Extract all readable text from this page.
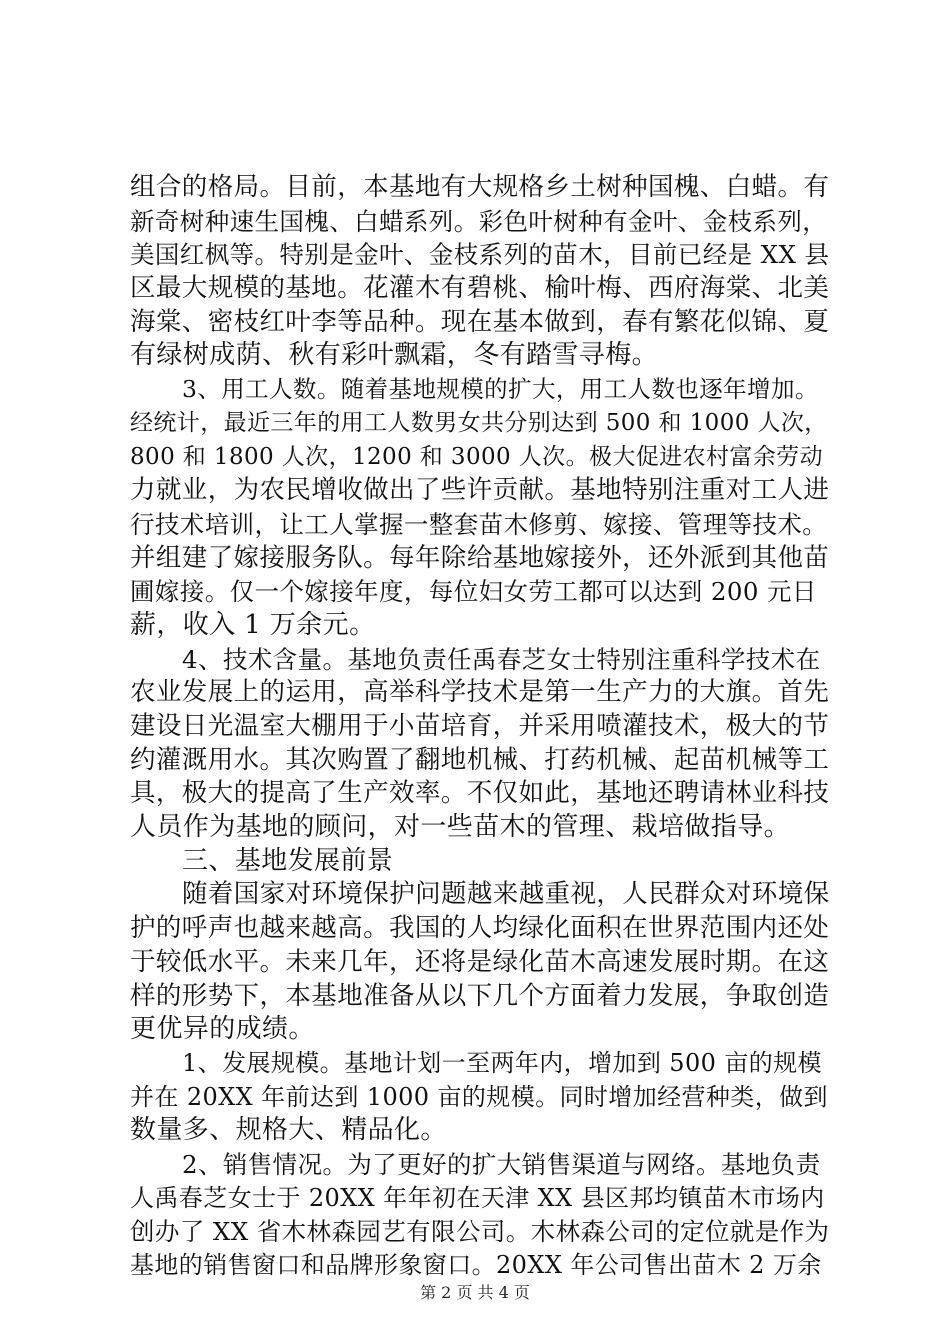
组合的格局。目前，本基地有大规格乡土树种国槐、白蜡。有
新奇树种速生国槐、白蜡系列。彩色叶树种有金叶、金枝系列，
美国红枫等。特别是金叶、金枝系列的苗木，目前已经是 XX 县
区最大规模的基地。花灌木有碧桃、榆叶梅、西府海棠、北美
海棠、密枝红叶李等品种。现在基本做到，春有繁花似锦、夏
有绿树成荫、秋有彩叶飘霜，冬有踏雪寻梅。
3、用工人数。随着基地规模的扩大，用工人数也逐年增加。
经统计，最近三年的用工人数男女共分别达到 500 和 1000 人次，
800 和 1800 人次，1200 和 3000 人次。极大促进农村富余劳动
力就业，为农民增收做出了些许贡献。基地特别注重对工人进
行技术培训，让工人掌握一整套苗木修剪、嫁接、管理等技术。
并组建了嫁接服务队。每年除给基地嫁接外，还外派到其他苗
圃嫁接。仅一个嫁接年度，每位妇女劳工都可以达到 200 元日
薪，收入 1 万余元。
4、技术含量。基地负责任禹春芝女士特别注重科学技术在
农业发展上的运用，高举科学技术是第一生产力的大旗。首先
建设日光温室大棚用于小苗培育，并采用喷灌技术，极大的节
约灌溉用水。其次购置了翻地机械、打药机械、起苗机械等工
具，极大的提高了生产效率。不仅如此，基地还聘请林业科技
人员作为基地的顾问，对一些苗木的管理、栽培做指导。
三、基地发展前景
随着国家对环境保护问题越来越重视，人民群众对环境保
护的呼声也越来越高。我国的人均绿化面积在世界范围内还处
于较低水平。未来几年，还将是绿化苗木高速发展时期。在这
样的形势下，本基地准备从以下几个方面着力发展，争取创造
更优异的成绩。
1、发展规模。基地计划一至两年内，增加到 500 亩的规模
并在 20XX 年前达到 1000 亩的规模。同时增加经营种类，做到
数量多、规格大、精品化。
2、销售情况。为了更好的扩大销售渠道与网络。基地负责
人禹春芝女士于 20XX 年年初在天津 XX 县区邦均镇苗木市场内
创办了 XX 省木林森园艺有限公司。木林森公司的定位就是作为
基地的销售窗口和品牌形象窗口。20XX 年公司售出苗木 2 万余
第 2 页 共 4 页
